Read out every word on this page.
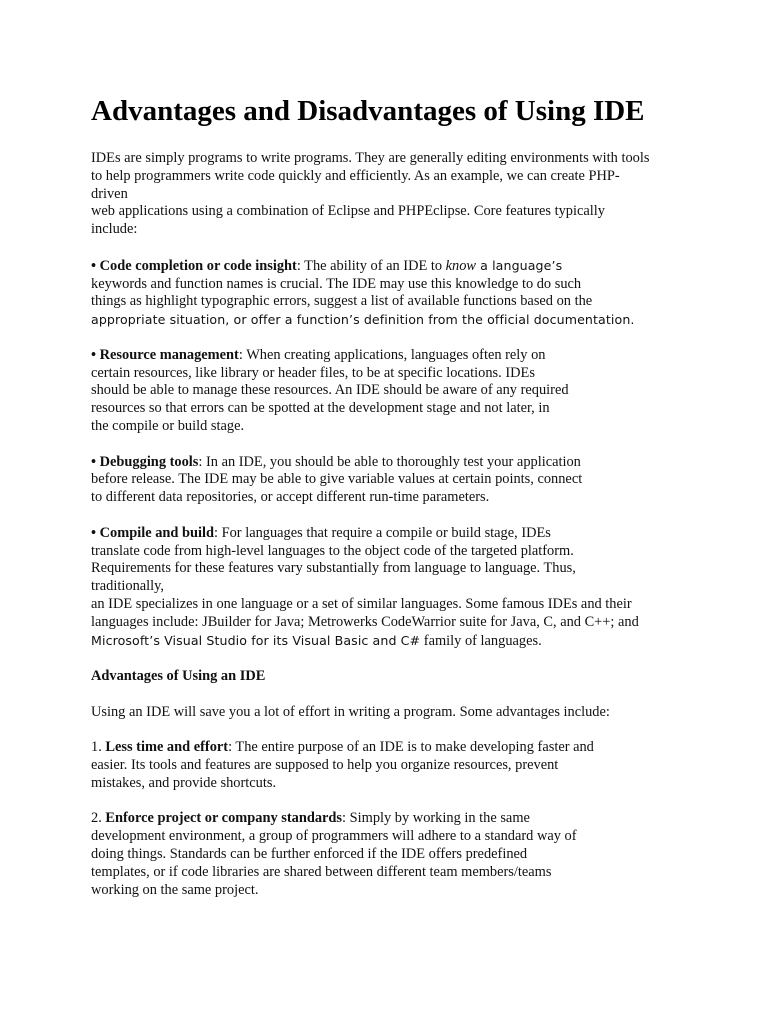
Advantages and Disadvantages of Using IDE
IDEs are simply programs to write programs. They are generally editing environments with tools
to help programmers write code quickly and efficiently. As an example, we can create PHP-
driven
web applications using a combination of Eclipse and PHPEclipse. Core features typically
include:
• Code completion or code insight: The ability of an IDE to know a language’s
keywords and function names is crucial. The IDE may use this knowledge to do such
things as highlight typographic errors, suggest a list of available functions based on the
appropriate situation, or offer a function’s definition from the official documentation.
• Resource management: When creating applications, languages often rely on
certain resources, like library or header files, to be at specific locations. IDEs
should be able to manage these resources. An IDE should be aware of any required
resources so that errors can be spotted at the development stage and not later, in
the compile or build stage.
• Debugging tools: In an IDE, you should be able to thoroughly test your application
before release. The IDE may be able to give variable values at certain points, connect
to different data repositories, or accept different run-time parameters.
• Compile and build: For languages that require a compile or build stage, IDEs
translate code from high-level languages to the object code of the targeted platform.
Requirements for these features vary substantially from language to language. Thus,
traditionally,
an IDE specializes in one language or a set of similar languages. Some famous IDEs and their
languages include: JBuilder for Java; Metrowerks CodeWarrior suite for Java, C, and C++; and
Microsoft’s Visual Studio for its Visual Basic and C# family of languages.
Advantages of Using an IDE
Using an IDE will save you a lot of effort in writing a program. Some advantages include:
1. Less time and effort: The entire purpose of an IDE is to make developing faster and
easier. Its tools and features are supposed to help you organize resources, prevent
mistakes, and provide shortcuts.
2. Enforce project or company standards: Simply by working in the same
development environment, a group of programmers will adhere to a standard way of
doing things. Standards can be further enforced if the IDE offers predefined
templates, or if code libraries are shared between different team members/teams
working on the same project.
